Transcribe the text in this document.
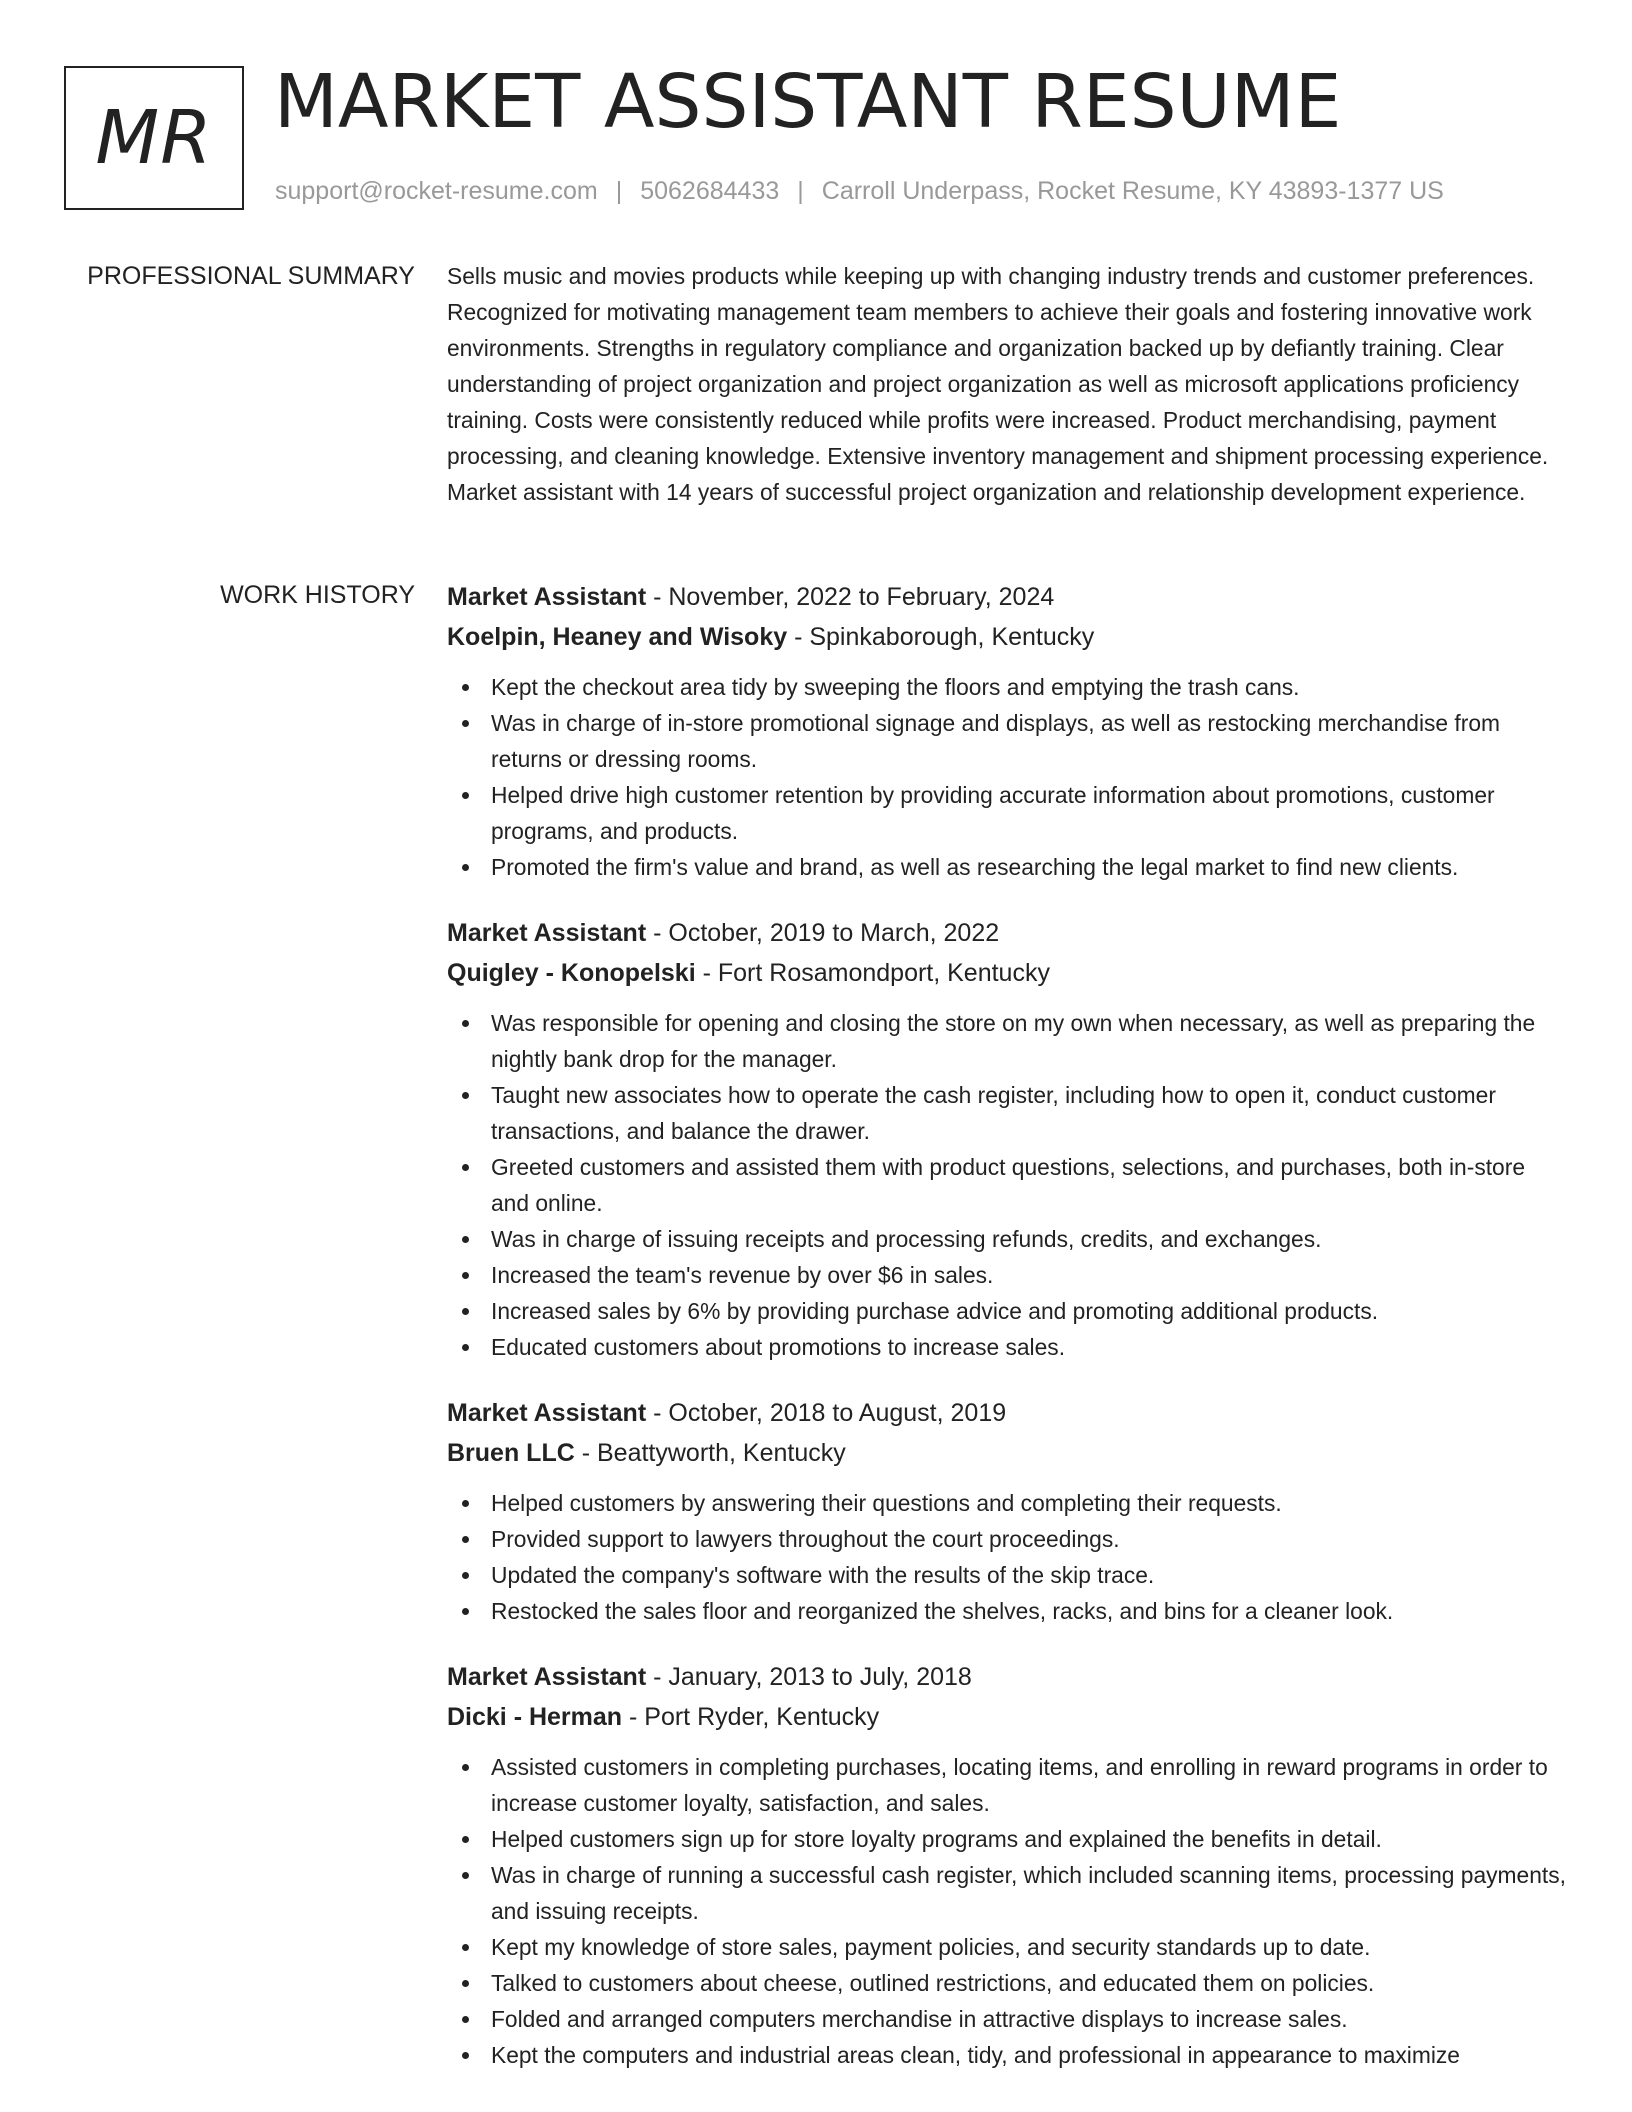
MR MARKET ASSISTANT RESUME
support@rocket-resume.com | 5062684433 | Carroll Underpass, Rocket Resume, KY 43893-1377 US
PROFESSIONAL SUMMARY Sells music and movies products while keeping up with changing industry trends and customer preferences. Recognized for motivating management team members to achieve their goals and fostering innovative work environments. Strengths in regulatory compliance and organization backed up by defiantly training. Clear understanding of project organization and project organization as well as microsoft applications proficiency training. Costs were consistently reduced while profits were increased. Product merchandising, payment processing, and cleaning knowledge. Extensive inventory management and shipment processing experience. Market assistant with 14 years of successful project organization and relationship development experience.

WORK HISTORY Market Assistant - November, 2022 to February, 2024
Koelpin, Heaney and Wisoky - Spinkaborough, Kentucky
Kept the checkout area tidy by sweeping the floors and emptying the trash cans.
Was in charge of in-store promotional signage and displays, as well as restocking merchandise from returns or dressing rooms.
Helped drive high customer retention by providing accurate information about promotions, customer programs, and products.
Promoted the firm's value and brand, as well as researching the legal market to find new clients.
Market Assistant - October, 2019 to March, 2022
Quigley - Konopelski - Fort Rosamondport, Kentucky
Was responsible for opening and closing the store on my own when necessary, as well as preparing the nightly bank drop for the manager.
Taught new associates how to operate the cash register, including how to open it, conduct customer transactions, and balance the drawer.
Greeted customers and assisted them with product questions, selections, and purchases, both in-store and online.
Was in charge of issuing receipts and processing refunds, credits, and exchanges.
Increased the team's revenue by over $6 in sales.
Increased sales by 6% by providing purchase advice and promoting additional products.
Educated customers about promotions to increase sales.
Market Assistant - October, 2018 to August, 2019
Bruen LLC - Beattyworth, Kentucky
Helped customers by answering their questions and completing their requests.
Provided support to lawyers throughout the court proceedings.
Updated the company's software with the results of the skip trace.
Restocked the sales floor and reorganized the shelves, racks, and bins for a cleaner look.
Market Assistant - January, 2013 to July, 2018
Dicki - Herman - Port Ryder, Kentucky
Assisted customers in completing purchases, locating items, and enrolling in reward programs in order to increase customer loyalty, satisfaction, and sales.
Helped customers sign up for store loyalty programs and explained the benefits in detail.
Was in charge of running a successful cash register, which included scanning items, processing payments, and issuing receipts.
Kept my knowledge of store sales, payment policies, and security standards up to date.
Talked to customers about cheese, outlined restrictions, and educated them on policies.
Folded and arranged computers merchandise in attractive displays to increase sales.
Kept the computers and industrial areas clean, tidy, and professional in appearance to maximize
